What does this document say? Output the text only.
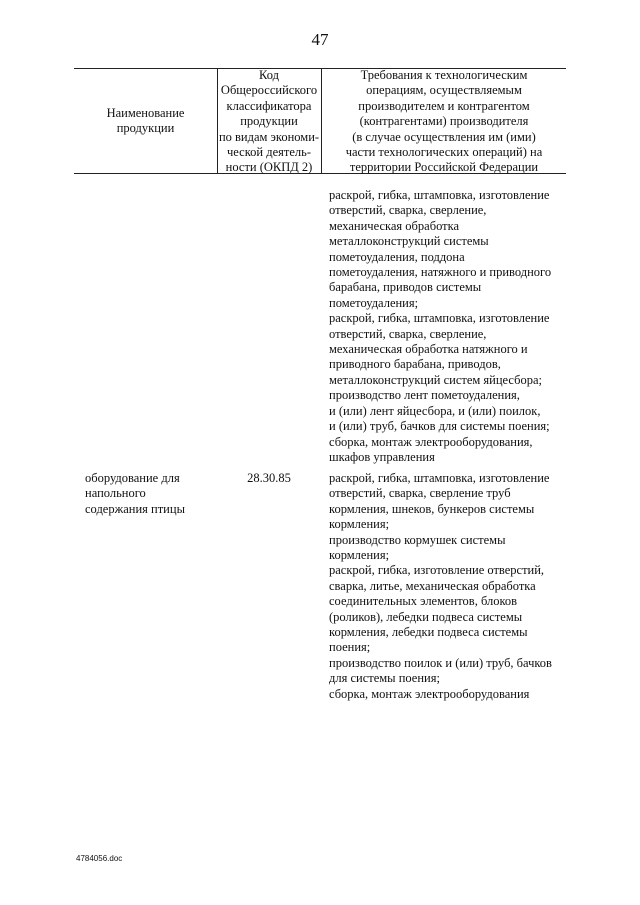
47
Наименование
продукции
Код
Общероссийского
классификатора
продукции
по видам экономи-
ческой деятель-
ности (ОКПД 2)
Требования к технологическим
операциям, осуществляемым
производителем и контрагентом
(контрагентами) производителя
(в случае осуществления им (ими)
части технологических операций) на
территории Российской Федерации
раскрой, гибка, штамповка, изготовление
отверстий, сварка, сверление,
механическая обработка
металлоконструкций системы
пометоудаления, поддона
пометоудаления, натяжного и приводного
барабана, приводов системы
пометоудаления;
раскрой, гибка, штамповка, изготовление
отверстий, сварка, сверление,
механическая обработка натяжного и
приводного барабана, приводов,
металлоконструкций систем яйцесбора;
производство лент пометоудаления,
и (или) лент яйцесбора, и (или) поилок,
и (или) труб, бачков для системы поения;
сборка, монтаж электрооборудования,
шкафов управления
оборудование для
напольного
содержания птицы
28.30.85	раскрой, гибка, штамповка, изготовление
отверстий, сварка, сверление труб
кормления, шнеков, бункеров системы
кормления;
производство кормушек системы
кормления;
раскрой, гибка, изготовление отверстий,
сварка, литье, механическая обработка
соединительных элементов, блоков
(роликов), лебедки подвеса системы
кормления, лебедки подвеса системы
поения;
производство поилок и (или) труб, бачков
для системы поения;
сборка, монтаж электрооборудования
4784056.doc
